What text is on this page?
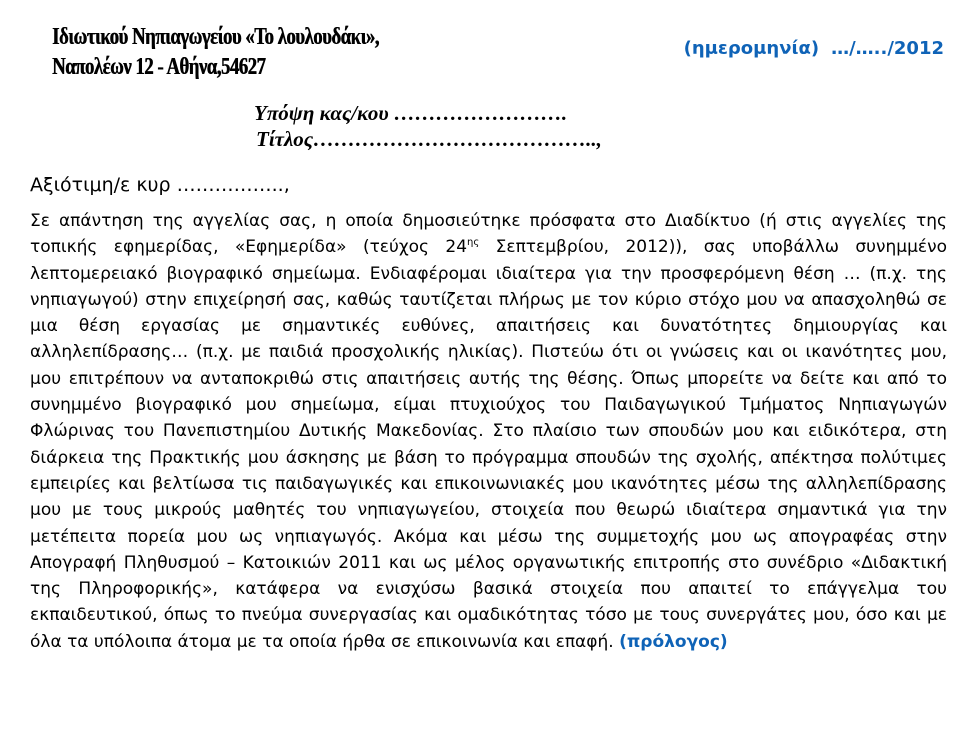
Ιδιωτικού Νηπιαγωγείου «Το λουλουδάκι»,
Ναπολέων 12 - Αθήνα,54627
(ημερομηνία) …/…../2012
Υπόψη κας/κου …………………….
Τίτλος…………………………………..,
Αξιότιμη/ε κυρ ……………..,

Σε απάντηση της αγγελίας σας, η οποία δημοσιεύτηκε πρόσφατα στο Διαδίκτυο (ή στις αγγελίες της τοπικής εφημερίδας, «Εφημερίδα» (τεύχος $24^{\eta\varsigma}$ Σεπτεμβρίου, 2012)), σας υποβάλλω συνημμένο λεπτομερειακό βιογραφικό σημείωμα. Ενδιαφέρομαι ιδιαίτερα για την προσφερόμενη θέση … (π.χ. της νηπιαγωγού) στην επιχείρησή σας, καθώς ταυτίζεται πλήρως με τον κύριο στόχο μου να απασχοληθώ σε μια θέση εργασίας με σημαντικές ευθύνες, απαιτήσεις και δυνατότητες δημιουργίας και αλληλεπίδρασης… (π.χ. με παιδιά προσχολικής ηλικίας). Πιστεύω ότι οι γνώσεις και οι ικανότητες μου, μου επιτρέπουν να ανταποκριθώ στις απαιτήσεις αυτής της θέσης. Όπως μπορείτε να δείτε και από το συνημμένο βιογραφικό μου σημείωμα, είμαι πτυχιούχος του Παιδαγωγικού Τμήματος Νηπιαγωγών Φλώρινας του Πανεπιστημίου Δυτικής Μακεδονίας. Στο πλαίσιο των σπουδών μου και ειδικότερα, στη διάρκεια της Πρακτικής μου άσκησης με βάση το πρόγραμμα σπουδών της σχολής, απέκτησα πολύτιμες εμπειρίες και βελτίωσα τις παιδαγωγικές και επικοινωνιακές μου ικανότητες μέσω της αλληλεπίδρασης μου με τους μικρούς μαθητές του νηπιαγωγείου, στοιχεία που θεωρώ ιδιαίτερα σημαντικά για την μετέπειτα πορεία μου ως νηπιαγωγός. Ακόμα και μέσω της συμμετοχής μου ως απογραφέας στην Απογραφή Πληθυσμού – Κατοικιών 2011 και ως μέλος οργανωτικής επιτροπής στο συνέδριο «Διδακτική της Πληροφορικής», κατάφερα να ενισχύσω βασικά στοιχεία που απαιτεί το επάγγελμα του εκπαιδευτικού, όπως το πνεύμα συνεργασίας και ομαδικότητας τόσο με τους συνεργάτες μου, όσο και με όλα τα υπόλοιπα άτομα με τα οποία ήρθα σε επικοινωνία και επαφή. (πρόλογος)
